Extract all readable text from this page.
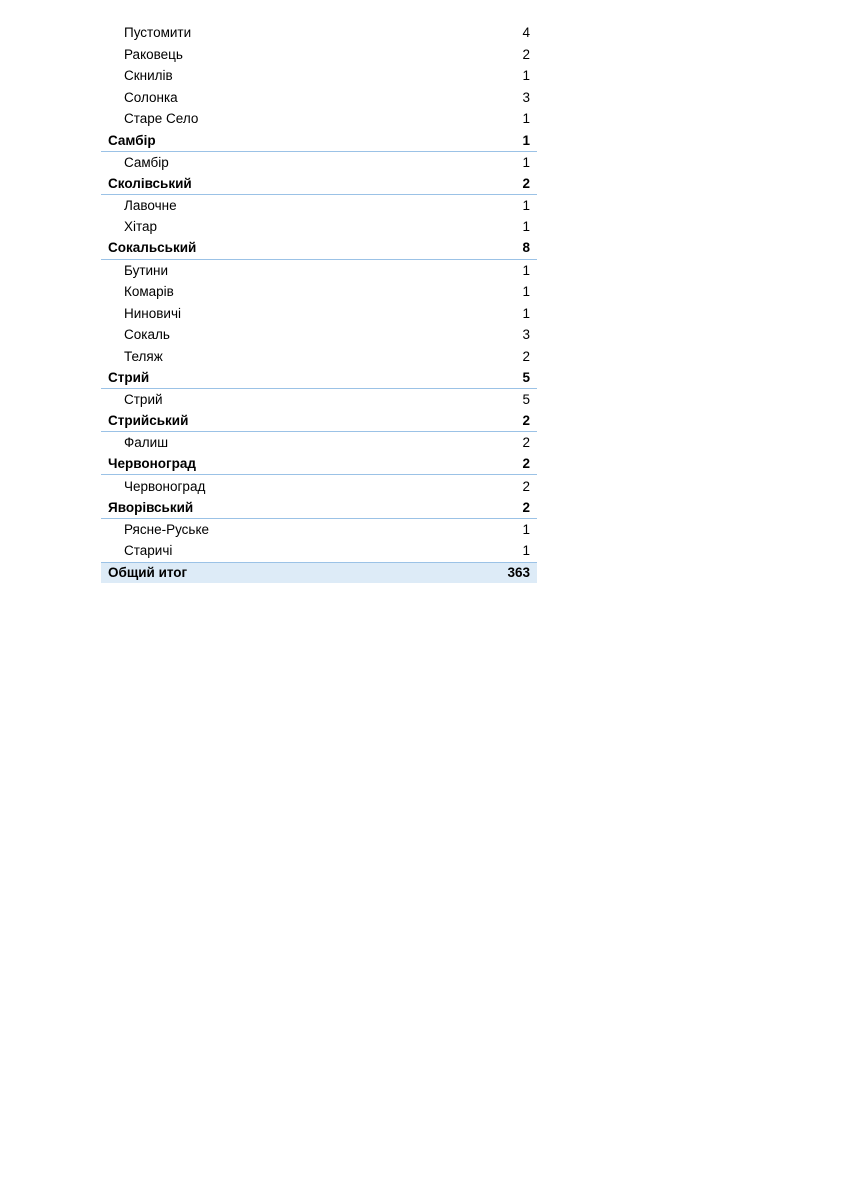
Пустомити	4
Раковець	2
Скнилів	1
Солонка	3
Старе Село	1
Самбір	1
Самбір	1
Сколівський	2
Лавочне	1
Хітар	1
Сокальський	8
Бутини	1
Комарів	1
Ниновичі	1
Сокаль	3
Теляж	2
Стрий	5
Стрий	5
Стрийський	2
Фалиш	2
Червоноград	2
Червоноград	2
Яворівський	2
Рясне-Руське	1
Старичі	1
Общий итог	363
